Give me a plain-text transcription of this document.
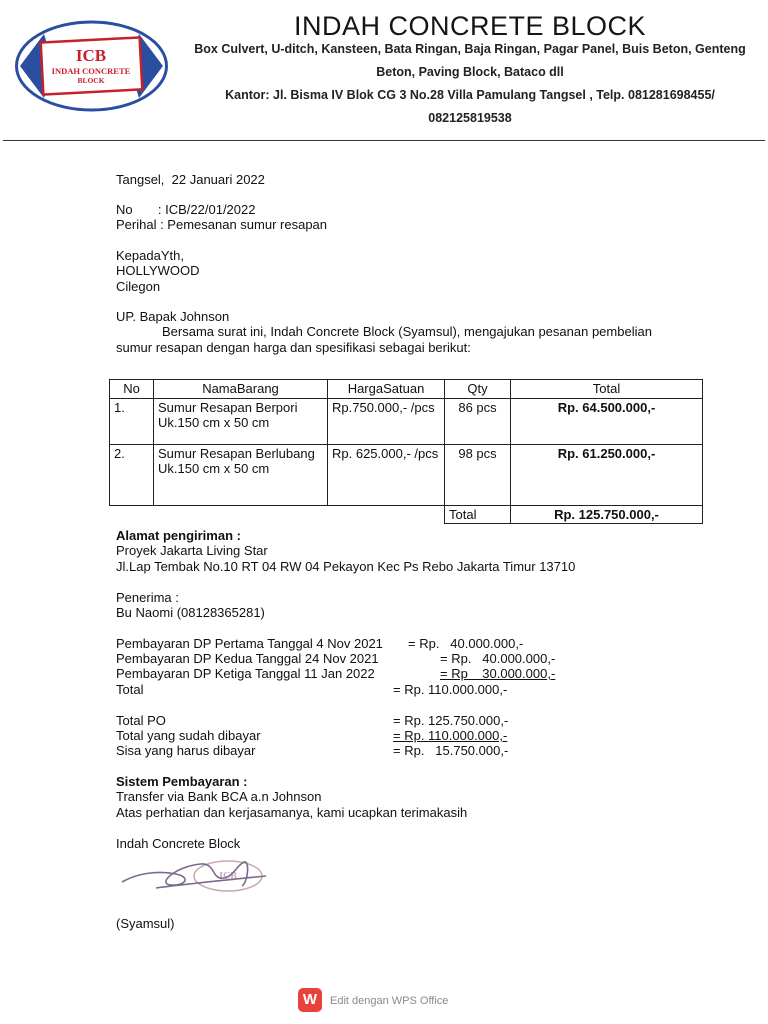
ICB
INDAH CONCRETE
BLOCK
INDAH CONCRETE BLOCK
Box Culvert, U-ditch, Kansteen, Bata Ringan, Baja Ringan, Pagar Panel, Buis Beton, Genteng
Beton, Paving Block, Bataco dll
Kantor: Jl. Bisma IV Blok CG 3 No.28 Villa Pamulang Tangsel , Telp. 081281698455/
082125819538
Tangsel,  22 Januari 2022
No       : ICB/22/01/2022
Perihal : Pemesanan sumur resapan
KepadaYth,
HOLLYWOOD
Cilegon
UP. Bapak Johnson
Bersama surat ini, Indah Concrete Block (Syamsul), mengajukan pesanan pembelian
sumur resapan dengan harga dan spesifikasi sebagai berikut:
No	NamaBarang	HargaSatuan	Qty	Total
1.	Sumur Resapan Berpori Uk.150 cm x 50 cm	Rp.750.000,- /pcs	86 pcs	Rp. 64.500.000,-
2.	Sumur Resapan Berlubang Uk.150 cm x 50 cm	Rp. 625.000,- /pcs	98 pcs	Rp. 61.250.000,-
			Total	Rp. 125.750.000,-
Alamat pengiriman :
Proyek Jakarta Living Star
Jl.Lap Tembak No.10 RT 04 RW 04 Pekayon Kec Ps Rebo Jakarta Timur 13710
Penerima :
Bu Naomi (08128365281)
Pembayaran DP Pertama Tanggal 4 Nov 2021 = Rp.   40.000.000,-
Pembayaran DP Kedua Tanggal 24 Nov 2021	= Rp.   40.000.000,-
Pembayaran DP Ketiga Tanggal 11 Jan 2022	= Rp    30.000.000,-
Total	= Rp. 110.000.000,-
Total PO	= Rp. 125.750.000,-
Total yang sudah dibayar	= Rp. 110.000.000,-
Sisa yang harus dibayar	= Rp.   15.750.000,-
Sistem Pembayaran :
Transfer via Bank BCA a.n Johnson
Atas perhatian dan kerjasamanya, kami ucapkan terimakasih
Indah Concrete Block
ICB
(Syamsul)
W	Edit dengan WPS Office
